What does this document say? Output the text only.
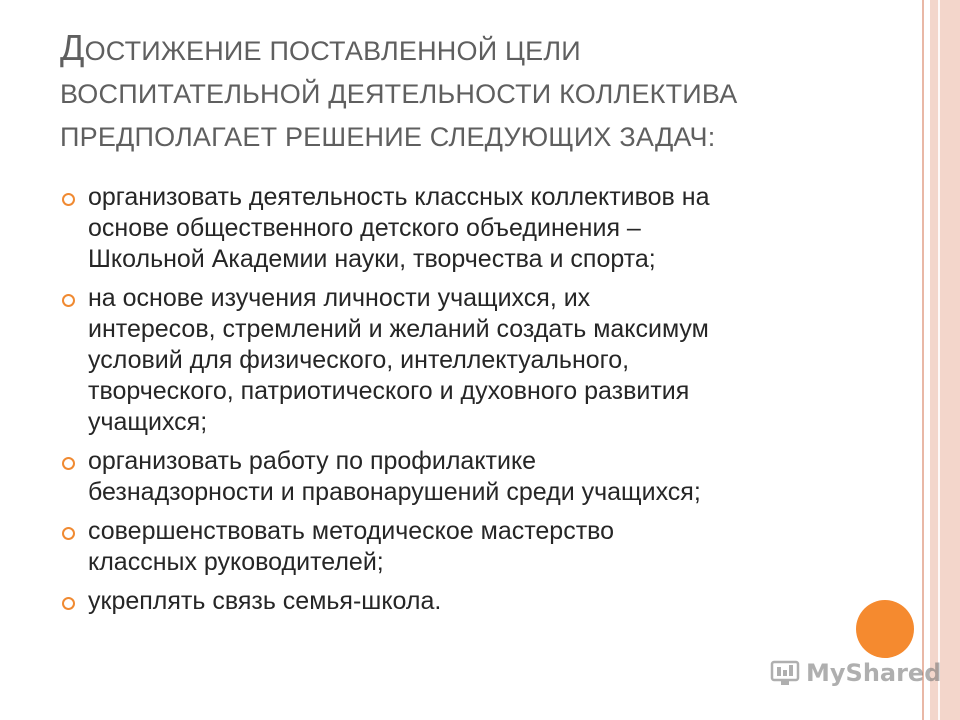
ДОСТИЖЕНИЕ ПОСТАВЛЕННОЙ ЦЕЛИ
ВОСПИТАТЕЛЬНОЙ ДЕЯТЕЛЬНОСТИ КОЛЛЕКТИВА
ПРЕДПОЛАГАЕТ РЕШЕНИЕ СЛЕДУЮЩИХ ЗАДАЧ:
организовать деятельность классных коллективов на
основе общественного детского объединения –
Школьной Академии науки, творчества и спорта;
на основе изучения личности учащихся, их
интересов, стремлений и желаний создать максимум
условий для физического, интеллектуального,
творческого, патриотического и духовного развития
учащихся;
организовать работу по профилактике
безнадзорности и правонарушений среди учащихся;
совершенствовать методическое мастерство
классных руководителей;
укреплять связь семья-школа.
MyShared
